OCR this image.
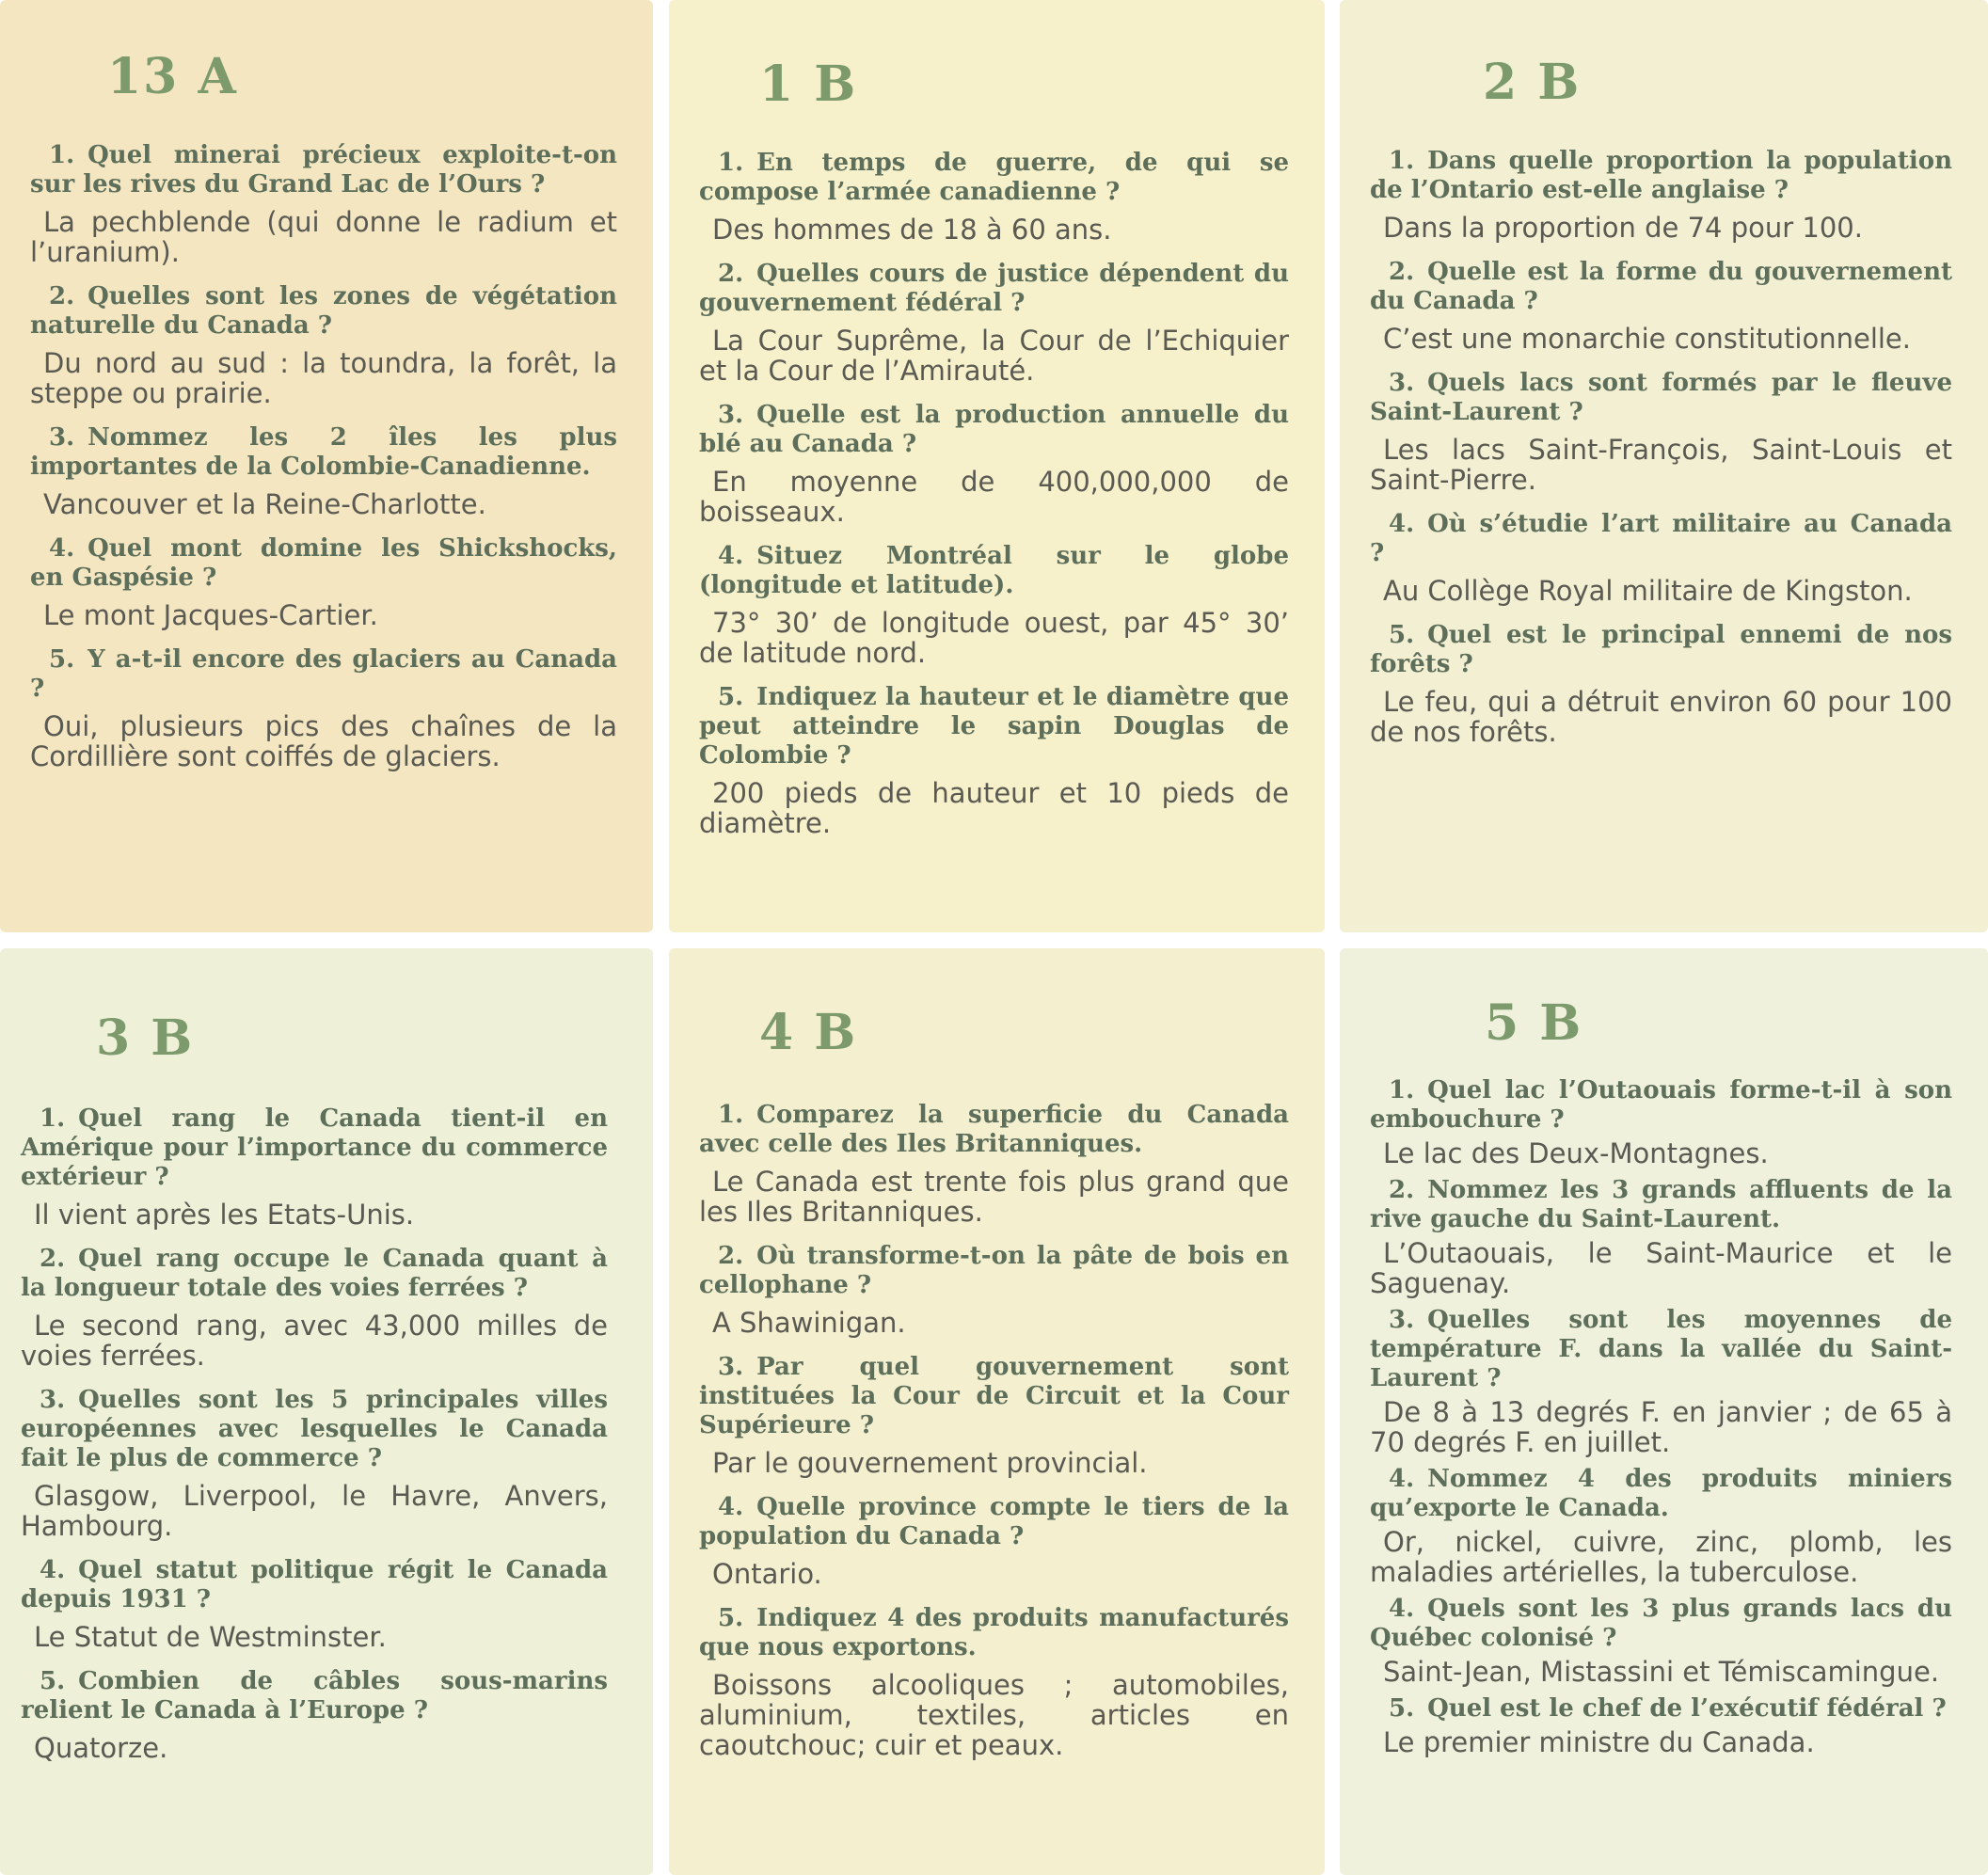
13 A

1. Quel minerai précieux exploite-t-on sur les rives du Grand Lac de l’Ours ?

La pechblende (qui donne le radium et l’uranium).

2. Quelles sont les zones de végétation naturelle du Canada ?

Du nord au sud : la toundra, la forêt, la steppe ou prairie.

3. Nommez les 2 îles les plus importantes de la Colombie-Canadienne.

Vancouver et la Reine-Charlotte.

4. Quel mont domine les Shickshocks, en Gaspésie ?

Le mont Jacques-Cartier.

5. Y a-t-il encore des glaciers au Canada ?

Oui, plusieurs pics des chaînes de la Cordillière sont coiffés de glaciers.

1 B

1. En temps de guerre, de qui se compose l’armée canadienne ?

Des hommes de 18 à 60 ans.

2. Quelles cours de justice dépendent du gouvernement fédéral ?

La Cour Suprême, la Cour de l’Echiquier et la Cour de l’Amirauté.

3. Quelle est la production annuelle du blé au Canada ?

En moyenne de 400,000,000 de boisseaux.

4. Situez Montréal sur le globe (longitude et latitude).

73° 30’ de longitude ouest, par 45° 30’ de latitude nord.

5. Indiquez la hauteur et le diamètre que peut atteindre le sapin Douglas de Colombie ?

200 pieds de hauteur et 10 pieds de diamètre.

2 B

1. Dans quelle proportion la population de l’Ontario est-elle anglaise ?

Dans la proportion de 74 pour 100.

2. Quelle est la forme du gouvernement du Canada ?

C’est une monarchie constitutionnelle.

3. Quels lacs sont formés par le fleuve Saint-Laurent ?

Les lacs Saint-François, Saint-Louis et Saint-Pierre.

4. Où s’étudie l’art militaire au Canada ?

Au Collège Royal militaire de Kingston.

5. Quel est le principal ennemi de nos forêts ?

Le feu, qui a détruit environ 60 pour 100 de nos forêts.

3 B

1. Quel rang le Canada tient-il en Amérique pour l’importance du commerce extérieur ?

Il vient après les Etats-Unis.

2. Quel rang occupe le Canada quant à la longueur totale des voies ferrées ?

Le second rang, avec 43,000 milles de voies ferrées.

3. Quelles sont les 5 principales villes européennes avec lesquelles le Canada fait le plus de commerce ?

Glasgow, Liverpool, le Havre, Anvers, Hambourg.

4. Quel statut politique régit le Canada depuis 1931 ?

Le Statut de Westminster.

5. Combien de câbles sous-marins relient le Canada à l’Europe ?

Quatorze.

4 B

1. Comparez la superficie du Canada avec celle des Iles Britanniques.

Le Canada est trente fois plus grand que les Iles Britanniques.

2. Où transforme-t-on la pâte de bois en cellophane ?

A Shawinigan.

3. Par quel gouvernement sont instituées la Cour de Circuit et la Cour Supérieure ?

Par le gouvernement provincial.

4. Quelle province compte le tiers de la population du Canada ?

Ontario.

5. Indiquez 4 des produits manufacturés que nous exportons.

Boissons alcooliques ; automobiles, aluminium, textiles, articles en caoutchouc; cuir et peaux.

5 B

1. Quel lac l’Outaouais forme-t-il à son embouchure ?

Le lac des Deux-Montagnes.

2. Nommez les 3 grands affluents de la rive gauche du Saint-Laurent.

L’Outaouais, le Saint-Maurice et le Saguenay.

3. Quelles sont les moyennes de température F. dans la vallée du Saint-Laurent ?

De 8 à 13 degrés F. en janvier ; de 65 à 70 degrés F. en juillet.

4. Nommez 4 des produits miniers qu’exporte le Canada.

Or, nickel, cuivre, zinc, plomb, les maladies artérielles, la tuberculose.

4. Quels sont les 3 plus grands lacs du Québec colonisé ?

Saint-Jean, Mistassini et Témiscamingue.

5. Quel est le chef de l’exécutif fédéral ?

Le premier ministre du Canada.
